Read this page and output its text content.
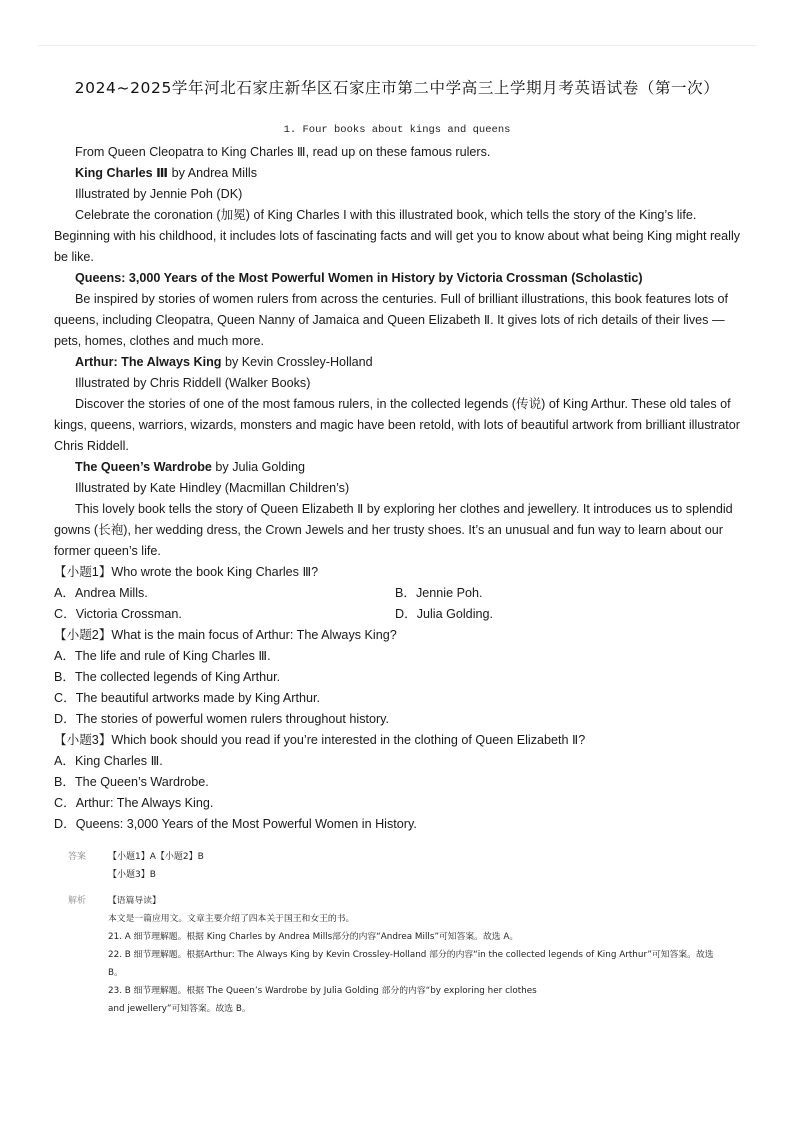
2024~2025学年河北石家庄新华区石家庄市第二中学高三上学期月考英语试卷（第一次）
1. Four books about kings and queens

From Queen Cleopatra to King Charles Ⅲ, read up on these famous rulers.

King Charles Ⅲ by Andrea Mills

Illustrated by Jennie Poh (DK)

Celebrate the coronation (加冕) of King Charles I with this illustrated book, which tells the story of the King’s life. Beginning with his childhood, it includes lots of fascinating facts and will get you to know about what being King might really be like.

Queens: 3,000 Years of the Most Powerful Women in History by Victoria Crossman (Scholastic)

Be inspired by stories of women rulers from across the centuries. Full of brilliant illustrations, this book features lots of queens, including Cleopatra, Queen Nanny of Jamaica and Queen Elizabeth Ⅱ. It gives lots of rich details of their lives — pets, homes, clothes and much more.

Arthur: The Always King by Kevin Crossley-Holland

Illustrated by Chris Riddell (Walker Books)

Discover the stories of one of the most famous rulers, in the collected legends (传说) of King Arthur. These old tales of kings, queens, warriors, wizards, monsters and magic have been retold, with lots of beautiful artwork from brilliant illustrator Chris Riddell.

The Queen’s Wardrobe by Julia Golding

Illustrated by Kate Hindley (Macmillan Children’s)

This lovely book tells the story of Queen Elizabeth Ⅱ by exploring her clothes and jewellery. It introduces us to splendid gowns (长袍), her wedding dress, the Crown Jewels and her trusty shoes. It’s an unusual and fun way to learn about our former queen’s life.

【小题1】Who wrote the book King Charles Ⅲ?

A．Andrea Mills.	B．Jennie Poh.
C．Victoria Crossman.	D．Julia Golding.

【小题2】What is the main focus of Arthur: The Always King?

A．The life and rule of King Charles Ⅲ.

B．The collected legends of King Arthur.

C．The beautiful artworks made by King Arthur.

D．The stories of powerful women rulers throughout history.

【小题3】Which book should you read if you’re interested in the clothing of Queen Elizabeth Ⅱ?

A．King Charles Ⅲ.

B．The Queen’s Wardrobe.

C．Arthur: The Always King.

D．Queens: 3,000 Years of the Most Powerful Women in History.

答案	【小题1】A【小题2】B
【小题3】B
解析 【语篇导读】

本文是一篇应用文。文章主要介绍了四本关于国王和女王的书。

21. A 细节理解题。根据 King Charles by Andrea Mills部分的内容“Andrea Mills”可知答案。故选 A。

22. B 细节理解题。根据Arthur: The Always King by Kevin Crossley-Holland 部分的内容“in the collected legends of King Arthur”可知答案。故选 B。

23. B 细节理解题。根据 The Queen’s Wardrobe by Julia Golding 部分的内容“by exploring her clothes

and jewellery”可知答案。故选 B。
